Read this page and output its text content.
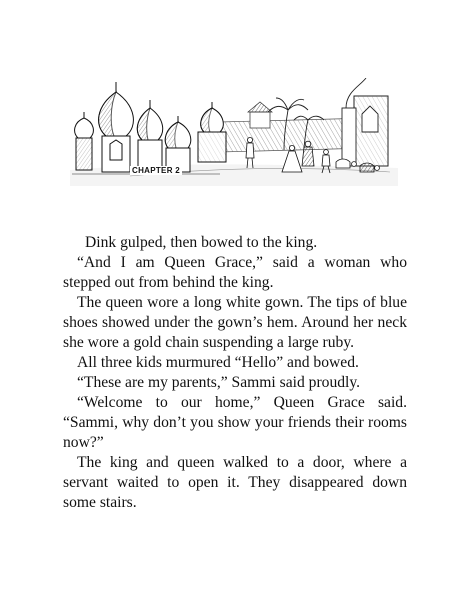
CHAPTER 2

Dink gulped, then bowed to the king.

“And I am Queen Grace,” said a woman who stepped out from behind the king.

The queen wore a long white gown. The tips of blue shoes showed under the gown’s hem. Around her neck she wore a gold chain suspending a large ruby.

All three kids murmured “Hello” and bowed.

“These are my parents,” Sammi said proudly.

“Welcome to our home,” Queen Grace said. “Sammi, why don’t you show your friends their rooms now?”

The king and queen walked to a door, where a servant waited to open it. They disappeared down some stairs.
